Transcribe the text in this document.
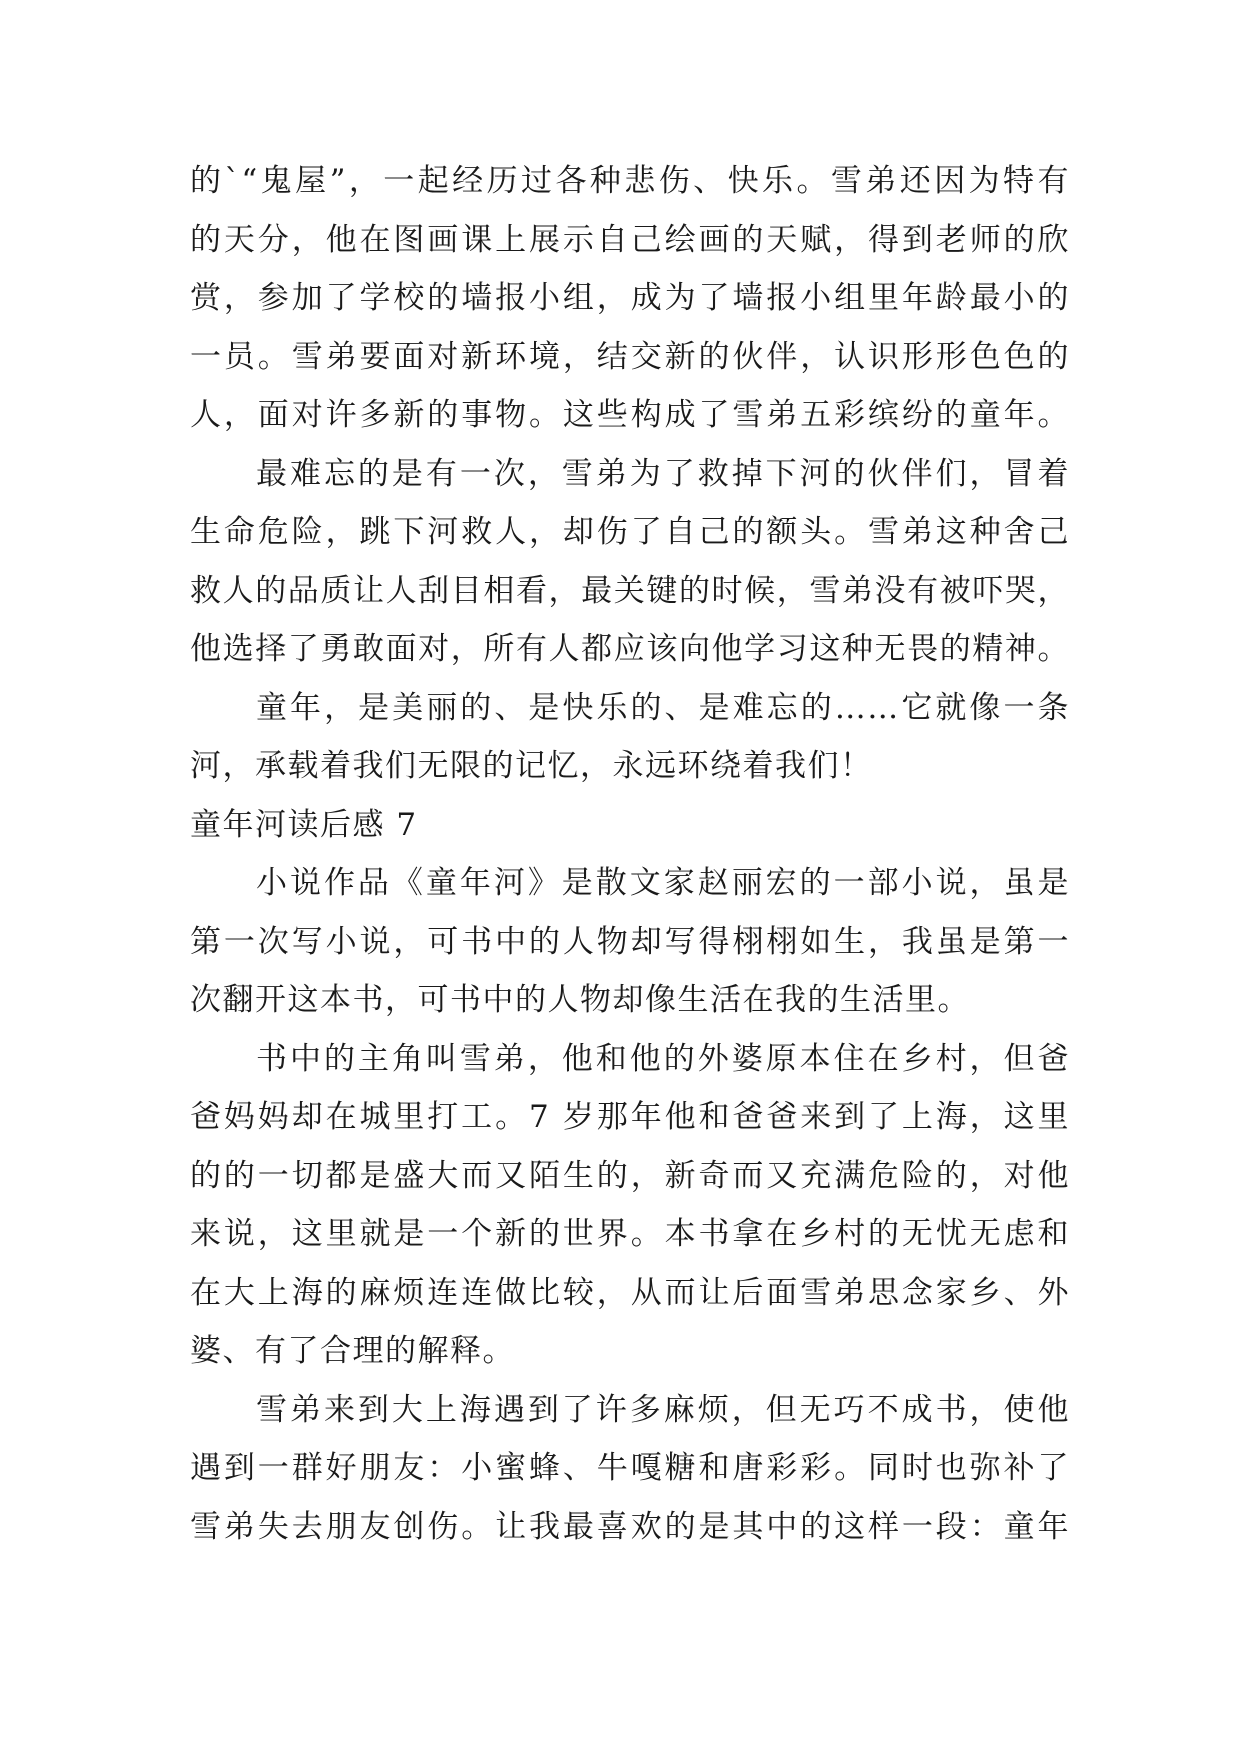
的`“鬼屋”，一起经历过各种悲伤、快乐。雪弟还因为特有
的天分，他在图画课上展示自己绘画的天赋，得到老师的欣
赏，参加了学校的墙报小组，成为了墙报小组里年龄最小的
一员。雪弟要面对新环境，结交新的伙伴，认识形形色色的
人，面对许多新的事物。这些构成了雪弟五彩缤纷的童年。
最难忘的是有一次，雪弟为了救掉下河的伙伴们，冒着
生命危险，跳下河救人，却伤了自己的额头。雪弟这种舍己
救人的品质让人刮目相看，最关键的时候，雪弟没有被吓哭，
他选择了勇敢面对，所有人都应该向他学习这种无畏的精神。
童年，是美丽的、是快乐的、是难忘的……它就像一条
河，承载着我们无限的记忆，永远环绕着我们！
童年河读后感 7
小说作品《童年河》是散文家赵丽宏的一部小说，虽是
第一次写小说，可书中的人物却写得栩栩如生，我虽是第一
次翻开这本书，可书中的人物却像生活在我的生活里。
书中的主角叫雪弟，他和他的外婆原本住在乡村，但爸
爸妈妈却在城里打工。7 岁那年他和爸爸来到了上海，这里
的的一切都是盛大而又陌生的，新奇而又充满危险的，对他
来说，这里就是一个新的世界。本书拿在乡村的无忧无虑和
在大上海的麻烦连连做比较，从而让后面雪弟思念家乡、外
婆、有了合理的解释。
雪弟来到大上海遇到了许多麻烦，但无巧不成书，使他
遇到一群好朋友：小蜜蜂、牛嘎糖和唐彩彩。同时也弥补了
雪弟失去朋友创伤。让我最喜欢的是其中的这样一段：童年
